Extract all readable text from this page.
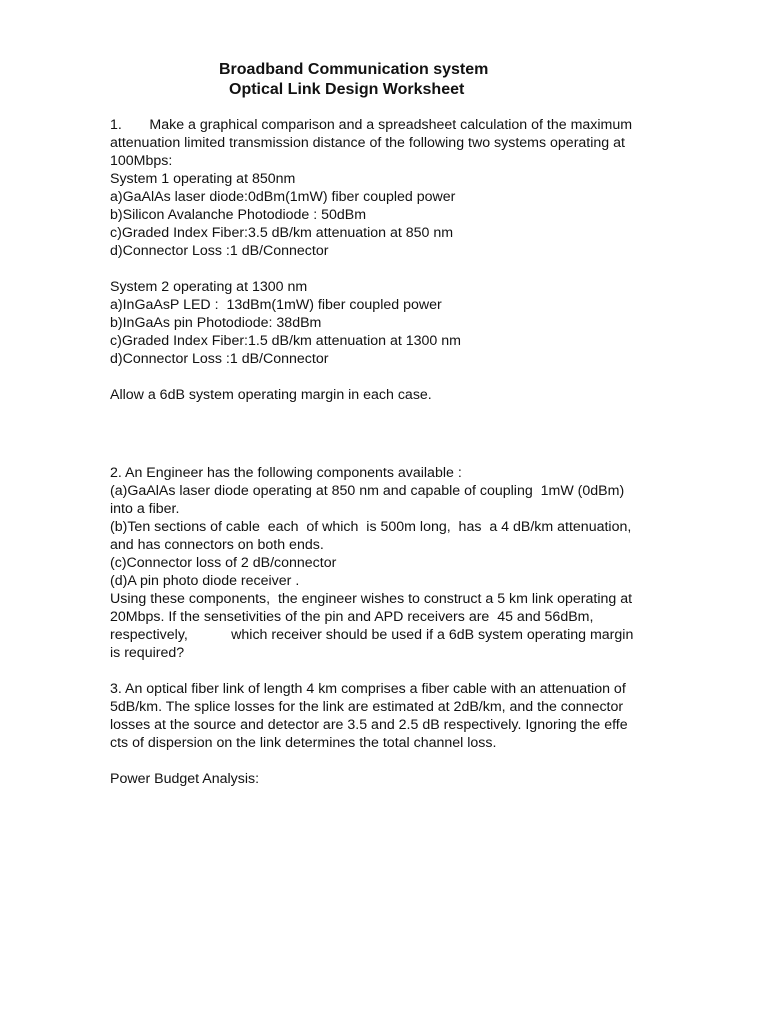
Broadband Communication system
Optical Link Design Worksheet
1.       Make a graphical comparison and a spreadsheet calculation of the maximum
attenuation limited transmission distance of the following two systems operating at
100Mbps:
System 1 operating at 850nm
a)GaAlAs laser diode:0dBm(1mW) fiber coupled power
b)Silicon Avalanche Photodiode : 50dBm
c)Graded Index Fiber:3.5 dB/km attenuation at 850 nm
d)Connector Loss :1 dB/Connector
System 2 operating at 1300 nm
a)InGaAsP LED :  13dBm(1mW) fiber coupled power
b)InGaAs pin Photodiode: 38dBm
c)Graded Index Fiber:1.5 dB/km attenuation at 1300 nm
d)Connector Loss :1 dB/Connector
Allow a 6dB system operating margin in each case.
2. An Engineer has the following components available :
(a)GaAlAs laser diode operating at 850 nm and capable of coupling  1mW (0dBm)
into a fiber.
(b)Ten sections of cable  each  of which  is 500m long,  has  a 4 dB/km attenuation,
and has connectors on both ends.
(c)Connector loss of 2 dB/connector
(d)A pin photo diode receiver .
Using these components,  the engineer wishes to construct a 5 km link operating at
20Mbps. If the sensetivities of the pin and APD receivers are  45 and 56dBm,
respectively,           which receiver should be used if a 6dB system operating margin
is required?
3. An optical fiber link of length 4 km comprises a fiber cable with an attenuation of
5dB/km. The splice losses for the link are estimated at 2dB/km, and the connector
losses at the source and detector are 3.5 and 2.5 dB respectively. Ignoring the effe
cts of dispersion on the link determines the total channel loss.
Power Budget Analysis:
